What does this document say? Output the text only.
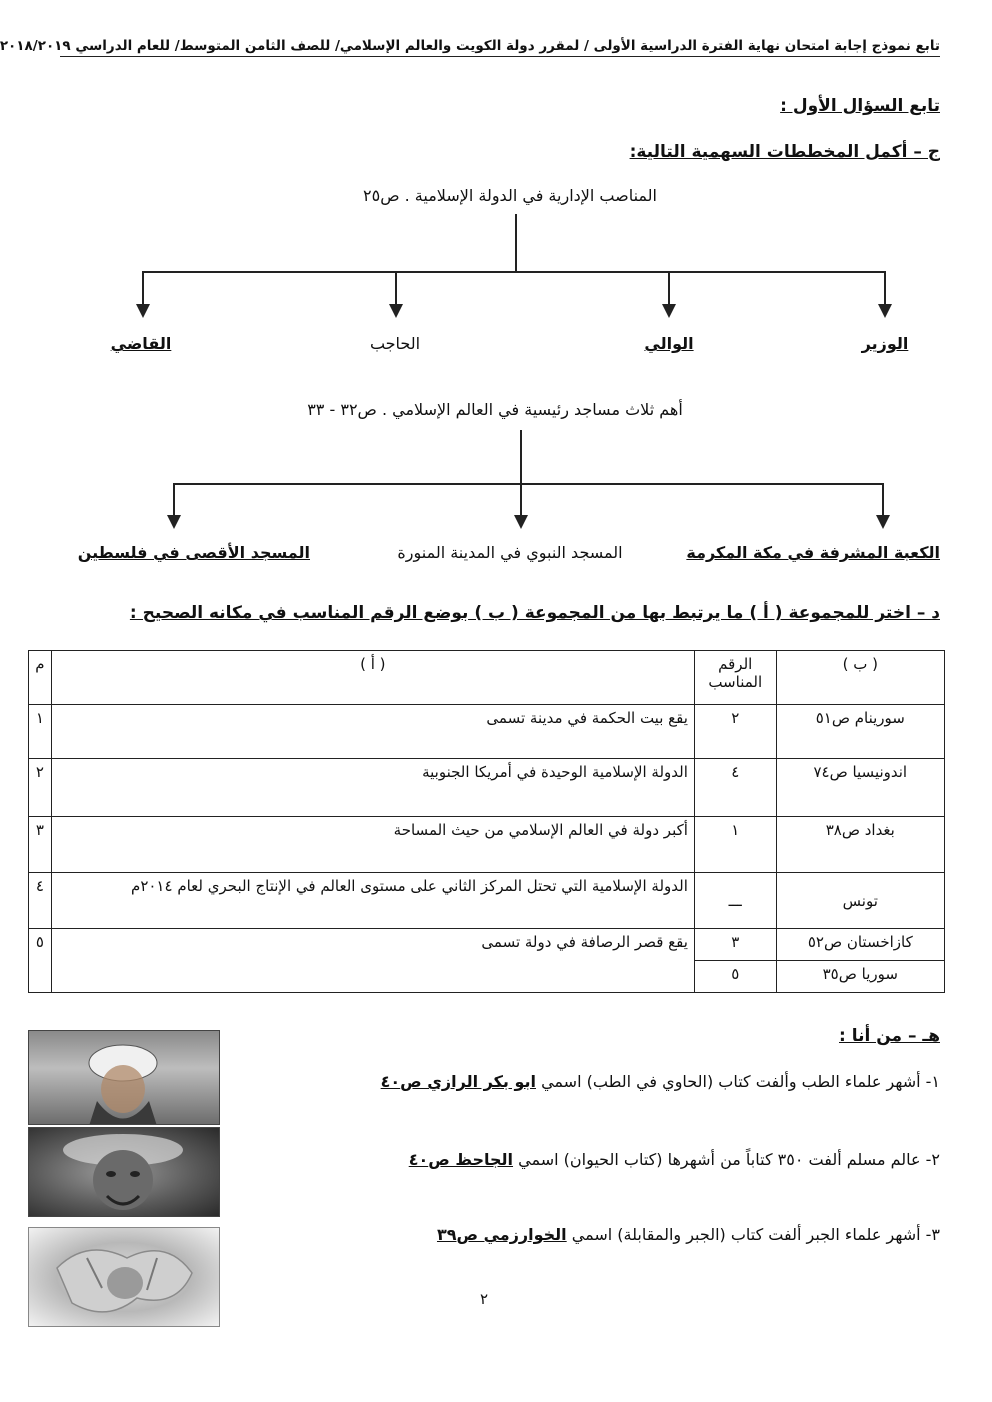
تابع نموذج إجابة امتحان نهاية الفترة الدراسية الأولى / لمقرر دولة الكويت والعالم الإسلامي/ للصف الثامن المتوسط/ للعام الدراسي ٢٠١٨/٢٠١٩
تابع السؤال الأول :
ج – أكمل المخططات السهمية التالية:
المناصب الإدارية في الدولة الإسلامية . ص٢٥
الوزير
الوالي
الحاجب
القاضي
أهم ثلاث مساجد رئيسية في العالم الإسلامي . ص٣٢ - ٣٣
الكعبة المشرفة في مكة المكرمة
المسجد النبوي في المدينة المنورة
المسجد الأقصى في فلسطين
د – اختر للمجموعة ( أ ) ما يرتبط بها من المجموعة ( ب ) بوضع الرقم المناسب في مكانه الصحيح :
( ب )	الرقم المناسب	( أ )	م
سورينام ص٥١	٢	يقع بيت الحكمة في مدينة تسمى	١
اندونيسيا ص٧٤	٤	الدولة الإسلامية الوحيدة في أمريكا الجنوبية	٢
بغداد ص٣٨	١	أكبر دولة في العالم الإسلامي من حيث المساحة	٣
تونس	ـــ	الدولة الإسلامية التي تحتل المركز الثاني على مستوى العالم في الإنتاج البحري لعام ٢٠١٤م	٤
كازاخستان ص٥٢	٣	يقع قصر الرصافة في دولة تسمى	٥
سوريا ص٣٥	٥		
هـ – من أنا :
١- أشهر علماء الطب وألفت كتاب (الحاوي في الطب) اسمي ابو بكر الرازي ص٤٠
٢- عالم مسلم ألفت ٣٥٠ كتاباً من أشهرها (كتاب الحيوان) اسمي الجاحظ ص٤٠
٣- أشهر علماء الجبر ألفت كتاب (الجبر والمقابلة) اسمي الخوارزمي ص٣٩
٢
